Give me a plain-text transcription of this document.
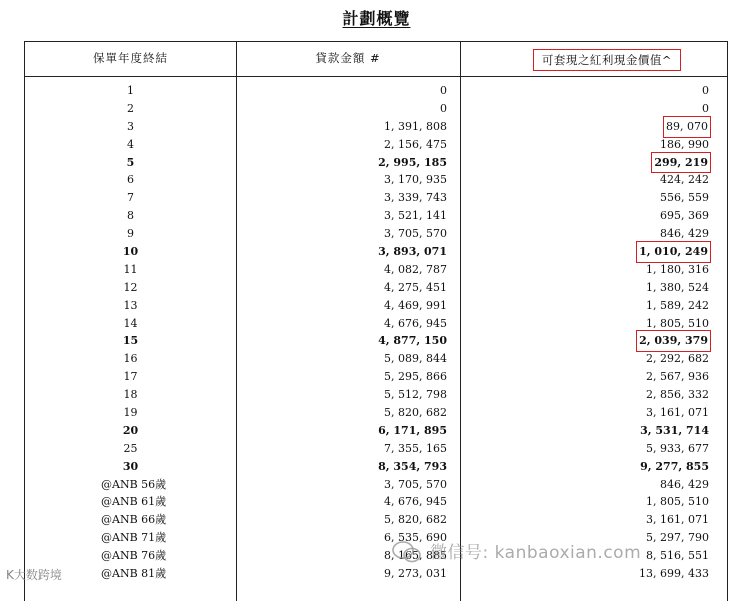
計劃概覽
保單年度終結	貸款金額 #	可套現之紅利現金價值^
1	0	0
2	0	0
3	1, 391, 808	89, 070
4	2, 156, 475	186, 990
5	2, 995, 185	299, 219
6	3, 170, 935	424, 242
7	3, 339, 743	556, 559
8	3, 521, 141	695, 369
9	3, 705, 570	846, 429
10	3, 893, 071	1, 010, 249
11	4, 082, 787	1, 180, 316
12	4, 275, 451	1, 380, 524
13	4, 469, 991	1, 589, 242
14	4, 676, 945	1, 805, 510
15	4, 877, 150	2, 039, 379
16	5, 089, 844	2, 292, 682
17	5, 295, 866	2, 567, 936
18	5, 512, 798	2, 856, 332
19	5, 820, 682	3, 161, 071
20	6, 171, 895	3, 531, 714
25	7, 355, 165	5, 933, 677
30	8, 354, 793	9, 277, 855
@ANB 56歲	3, 705, 570	846, 429
@ANB 61歲	4, 676, 945	1, 805, 510
@ANB 66歲	5, 820, 682	3, 161, 071
@ANB 71歲	6, 535, 690	5, 297, 790
@ANB 76歲	8, 165, 885	8, 516, 551
@ANB 81歲	9, 273, 031	13, 699, 433
微信号: kanbaoxian.com
K大数跨境
